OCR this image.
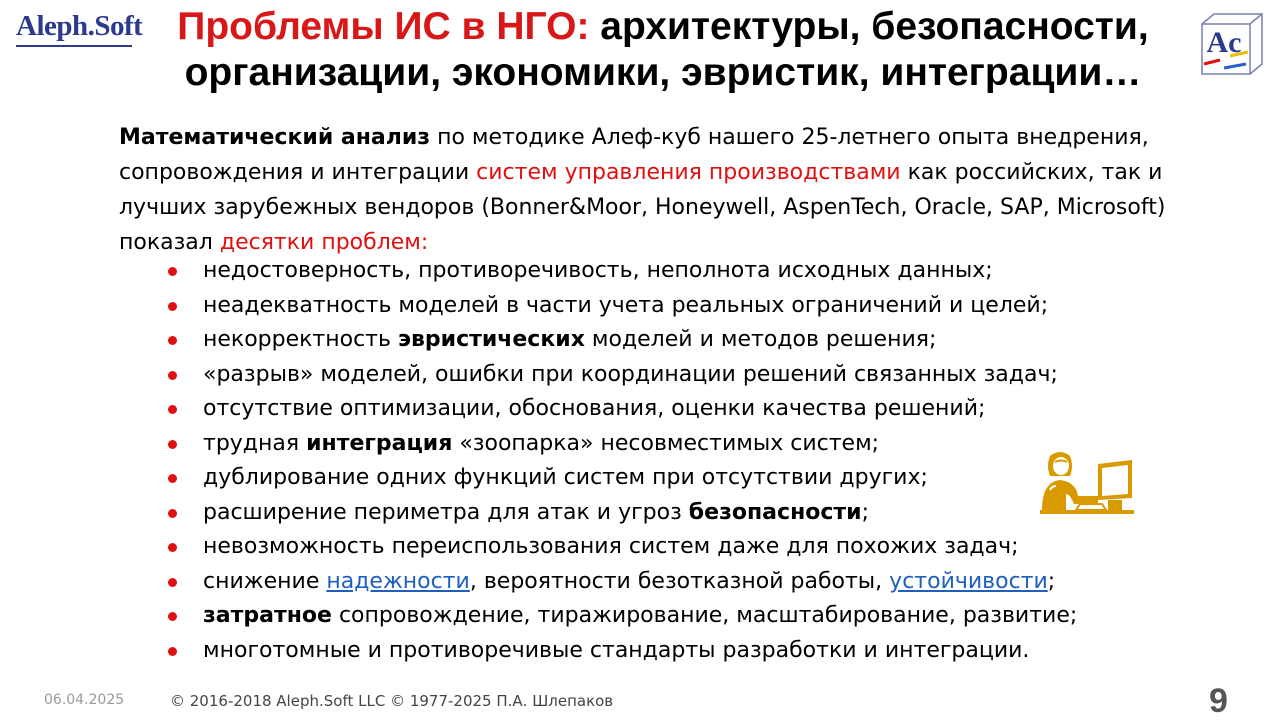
Aleph.Soft Проблемы ИС в НГО: архитектуры, безопасности,
организации, экономики, эвристик, интеграции…
Ac
Математический анализ по методике Алеф-куб нашего 25-летнего опыта внедрения, сопровождения и интеграции систем управления производствами как российских, так и лучших зарубежных вендоров (Bonner&Moor, Honeywell, AspenTech, Oracle, SAP, Microsoft) показал десятки проблем:
недостоверность, противоречивость, неполнота исходных данных;
неадекватность моделей в части учета реальных ограничений и целей;
некорректность эвристических моделей и методов решения;
«разрыв» моделей, ошибки при координации решений связанных задач;
отсутствие оптимизации, обоснования, оценки качества решений;
трудная интеграция «зоопарка» несовместимых систем;
дублирование одних функций систем при отсутствии других;
расширение периметра для атак и угроз безопасности;
невозможность переиспользования систем даже для похожих задач;
снижение надежности, вероятности безотказной работы, устойчивости;
затратное сопровождение, тиражирование, масштабирование, развитие;
многотомные и противоречивые стандарты разработки и интеграции.
06.04.2025	© 2016-2018 Aleph.Soft LLC © 1977-2025 П.А. Шлепаков	9
